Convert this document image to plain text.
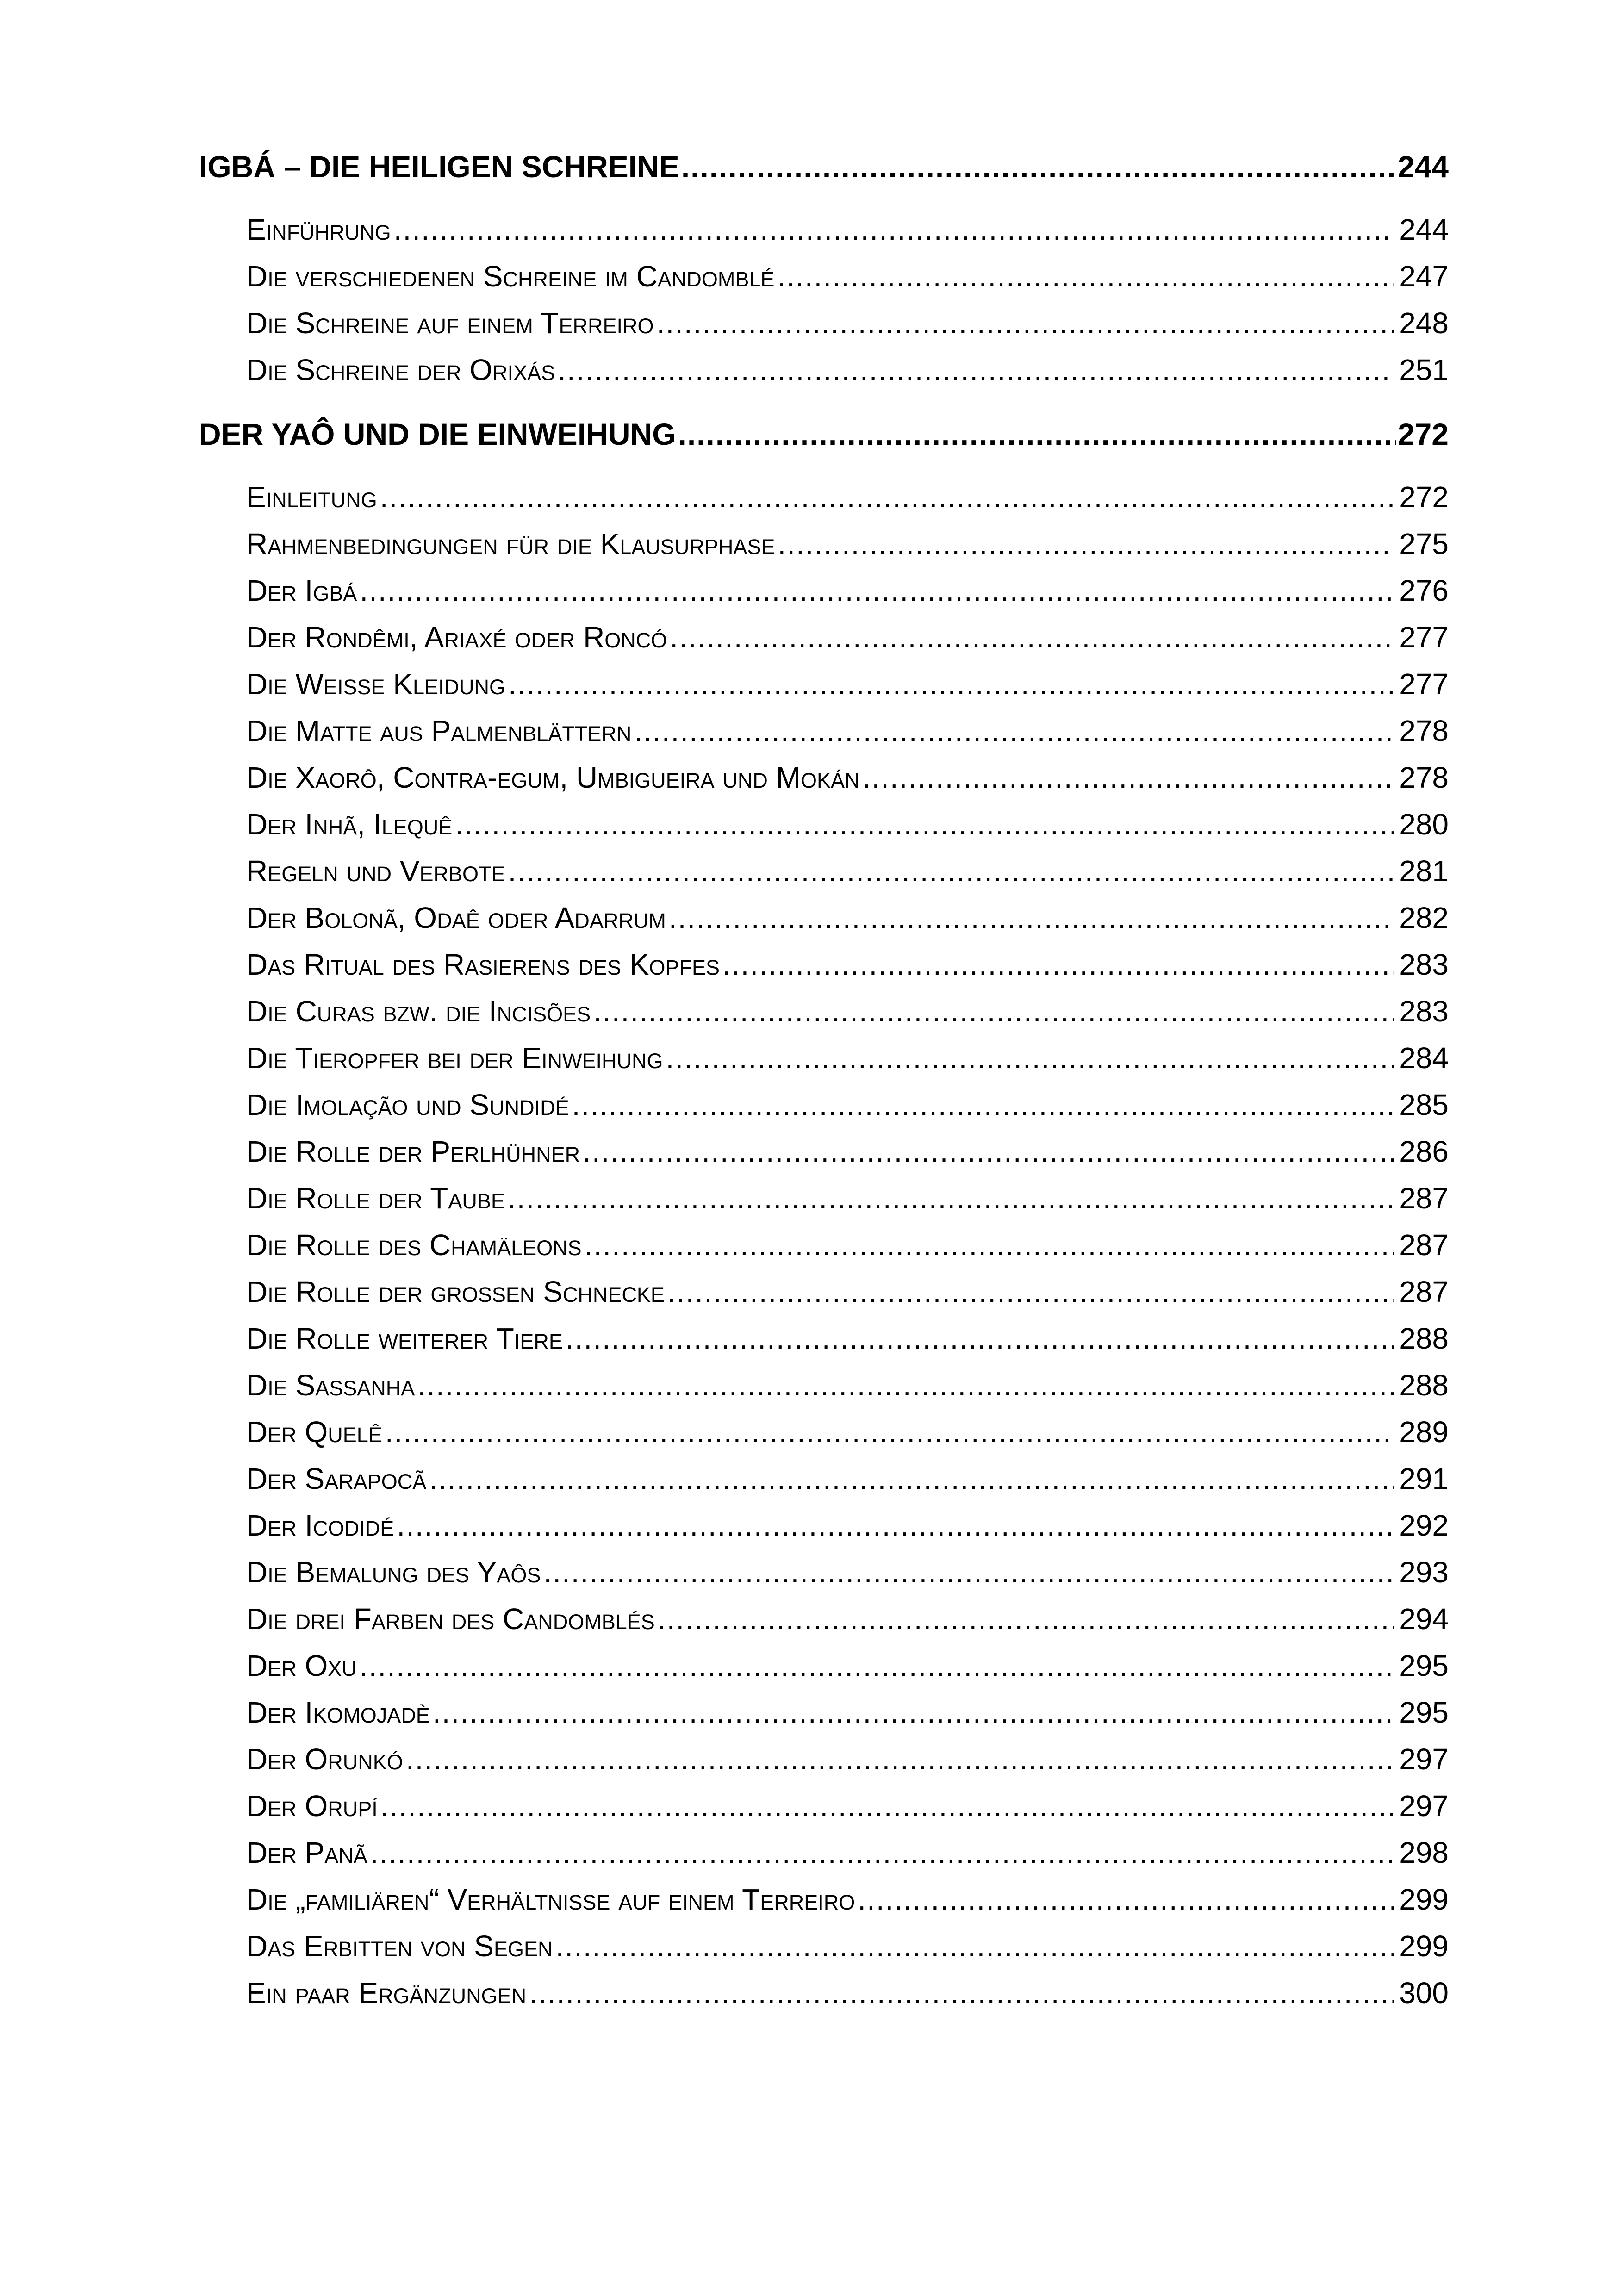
IGBÁ – DIE HEILIGEN SCHREINE .....	244
Einführung .....	244
Die verschiedenen Schreine im Candomblé .....	247
Die Schreine auf einem Terreiro .....	248
Die Schreine der Orixás .....	251
DER YAÔ UND DIE EINWEIHUNG .....	272
Einleitung .....	272
Rahmenbedingungen für die Klausurphase .....	275
Der Igbá .....	276
Der Rondêmi, Ariaxé oder Roncó .....	277
Die Weiße Kleidung .....	277
Die Matte aus Palmenblättern .....	278
Die Xaorô, Contra-egum, Umbigueira und Mokán .....	278
Der Inhã, Ilequê .....	280
Regeln und Verbote .....	281
Der Bolonã, Odaê oder Adarrum .....	282
Das Ritual des Rasierens des Kopfes .....	283
Die Curas bzw. die Incisões .....	283
Die Tieropfer bei der Einweihung .....	284
Die Imolação und Sundidé .....	285
Die Rolle der Perlhühner .....	286
Die Rolle der Taube .....	287
Die Rolle des Chamäleons .....	287
Die Rolle der großen Schnecke .....	287
Die Rolle weiterer Tiere .....	288
Die Sassanha .....	288
Der Quelê .....	289
Der Sarapocã .....	291
Der Icodidé .....	292
Die Bemalung des Yaôs .....	293
Die drei Farben des Candomblés .....	294
Der Oxu .....	295
Der Ikomojadè .....	295
Der Orunkó .....	297
Der Orupí .....	297
Der Panã .....	298
Die „familiären“ Verhältnisse auf einem Terreiro .....	299
Das Erbitten von Segen .....	299
Ein paar Ergänzungen .....	300
